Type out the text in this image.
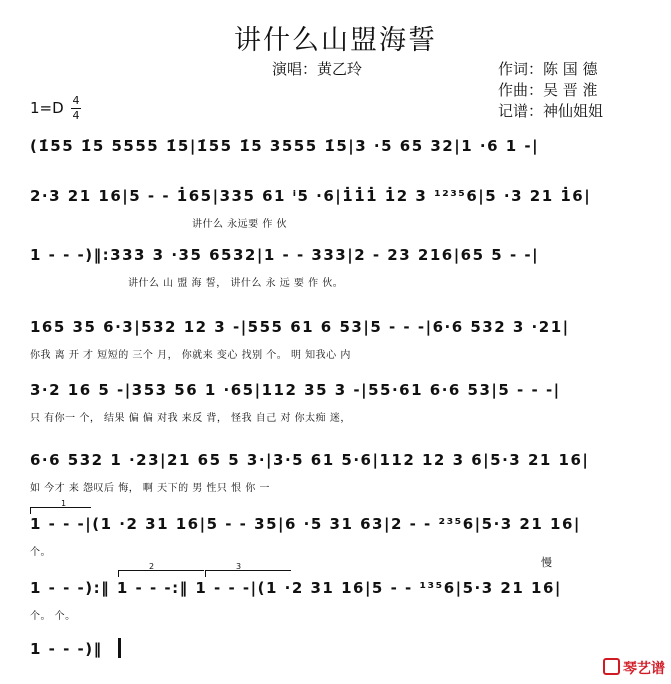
讲什么山盟海誓
演唱：黄乙玲	作词：陈 国 德
作曲：吴 晋 淮
记谱：神仙姐姐
1=D 4
4
(1̇55 1̇5 5555 1̇5|1̇55 1̇5 3555 1̇5|3 ·5 65 32|1 ·6 1 -|
2·3 21 16|5 - - 1̇65|335 61 ⁱ5 ·6|1̇1̇1̇ 1̇2 3 ¹²³⁵6|5 ·3 21 1̇6|
讲什么 永远要 作 伙
1 - - -)‖:333 3 ·35 6532|1 - - 333|2 - 23 216|65 5 - -|
讲什么 山 盟 海 誓， 讲什么 永 远 要 作 伙。
165 35 6·3|532 12 3 -|555 61 6 53|5 - - -|6·6 532 3 ·21|
你我 离 开 才 短短的 三个 月， 你就来 变心 找别 个。 明 知我心 内
3·2 16 5 -|353 56 1 ·65|112 35 3 -|55·61 6·6 53|5 - - -|
只 有你一 个， 结果 偏 偏 对我 来反 背， 怪我 自己 对 你太痴 迷，
6·6 532 1 ·23|21 65 5 3·|3·5 61 5·6|112 12 3 6|5·3 21 16|
如 今才 来 怨叹后 悔， 啊 天下的 男 性只 恨 你 一
1
1 - - -|(1 ·2 31 16|5 - - 35|6 ·5 31 63|2 - - ²³⁵6|5·3 21 16|
个。
2	3	慢
1 - - -):‖ 1 - - -:‖ 1 - - -|(1 ·2 31 16|5 - - ¹³⁵6|5·3 21 16|
个。 个。
1 - - -)‖
琴艺谱
